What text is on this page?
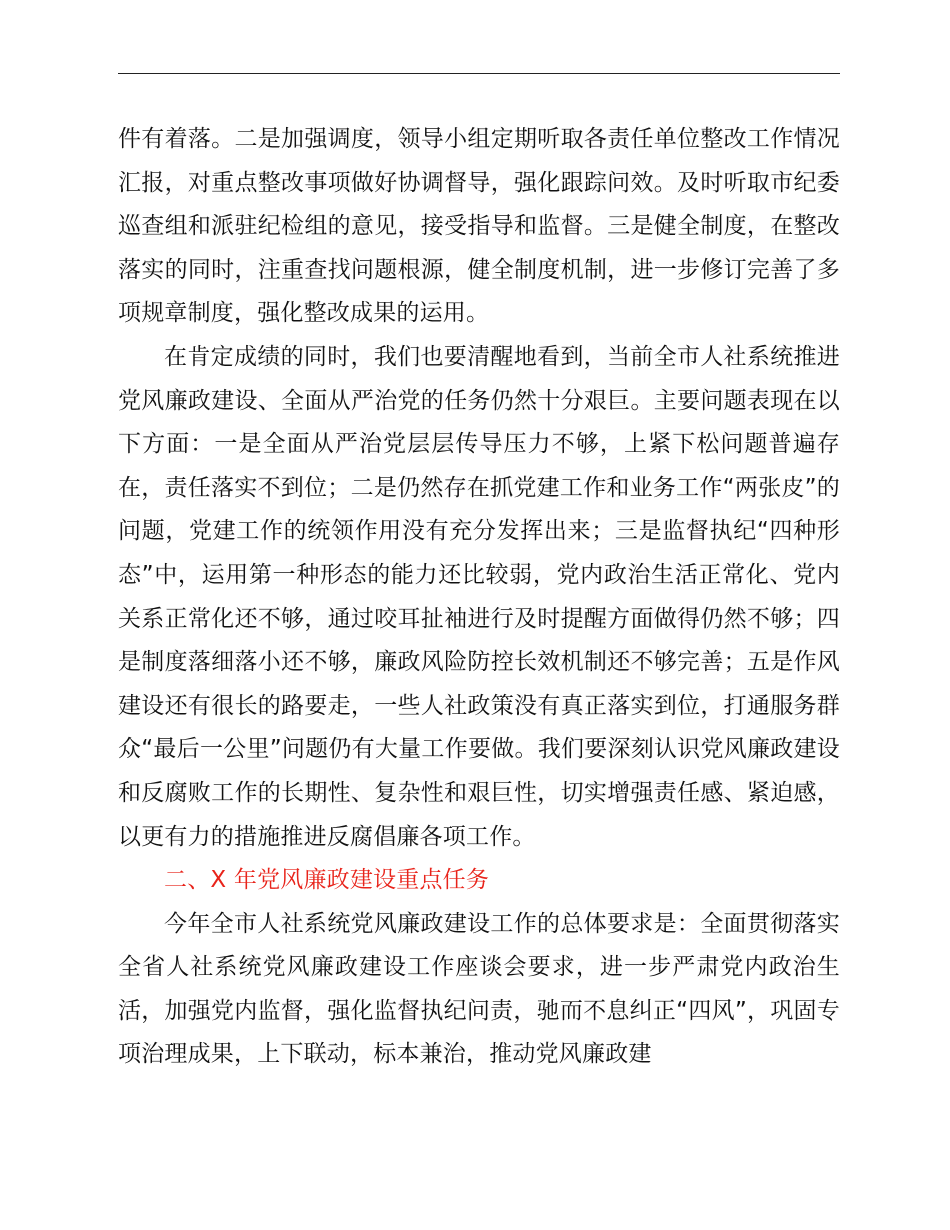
件有着落。二是加强调度，领导小组定期听取各责任单位整改工作情况汇报，对重点整改事项做好协调督导，强化跟踪问效。及时听取市纪委巡查组和派驻纪检组的意见，接受指导和监督。三是健全制度，在整改落实的同时，注重查找问题根源，健全制度机制，进一步修订完善了多项规章制度，强化整改成果的运用。

在肯定成绩的同时，我们也要清醒地看到，当前全市人社系统推进党风廉政建设、全面从严治党的任务仍然十分艰巨。主要问题表现在以下方面：一是全面从严治党层层传导压力不够，上紧下松问题普遍存在，责任落实不到位；二是仍然存在抓党建工作和业务工作“两张皮”的问题，党建工作的统领作用没有充分发挥出来；三是监督执纪“四种形态”中，运用第一种形态的能力还比较弱，党内政治生活正常化、党内关系正常化还不够，通过咬耳扯袖进行及时提醒方面做得仍然不够；四是制度落细落小还不够，廉政风险防控长效机制还不够完善；五是作风建设还有很长的路要走，一些人社政策没有真正落实到位，打通服务群众“最后一公里”问题仍有大量工作要做。我们要深刻认识党风廉政建设和反腐败工作的长期性、复杂性和艰巨性，切实增强责任感、紧迫感，以更有力的措施推进反腐倡廉各项工作。

二、X 年党风廉政建设重点任务

今年全市人社系统党风廉政建设工作的总体要求是：全面贯彻落实全省人社系统党风廉政建设工作座谈会要求，进一步严肃党内政治生活，加强党内监督，强化监督执纪问责，驰而不息纠正“四风”，巩固专项治理成果，上下联动，标本兼治，推动党风廉政建
